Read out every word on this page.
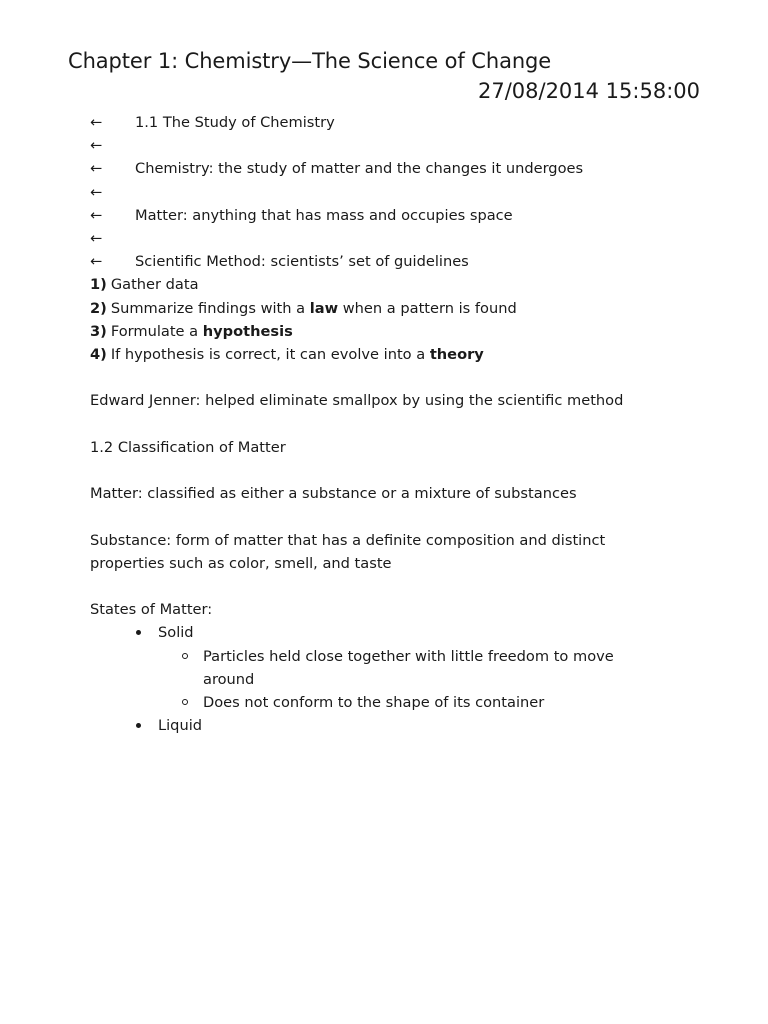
Chapter 1: Chemistry—The Science of Change
27/08/2014 15:58:00
←	1.1 The Study of Chemistry
←
←	Chemistry: the study of matter and the changes it undergoes
←
←	Matter: anything that has mass and occupies space
←
←	Scientific Method: scientists’ set of guidelines
1) Gather data
2) Summarize findings with a law when a pattern is found
3) Formulate a hypothesis
4) If hypothesis is correct, it can evolve into a theory
Edward Jenner: helped eliminate smallpox by using the scientific method
1.2 Classification of Matter
Matter: classified as either a substance or a mixture of substances
Substance: form of matter that has a definite composition and distinct properties such as color, smell, and taste
States of Matter:
Solid
Particles held close together with little freedom to move around
Does not conform to the shape of its container
Liquid
